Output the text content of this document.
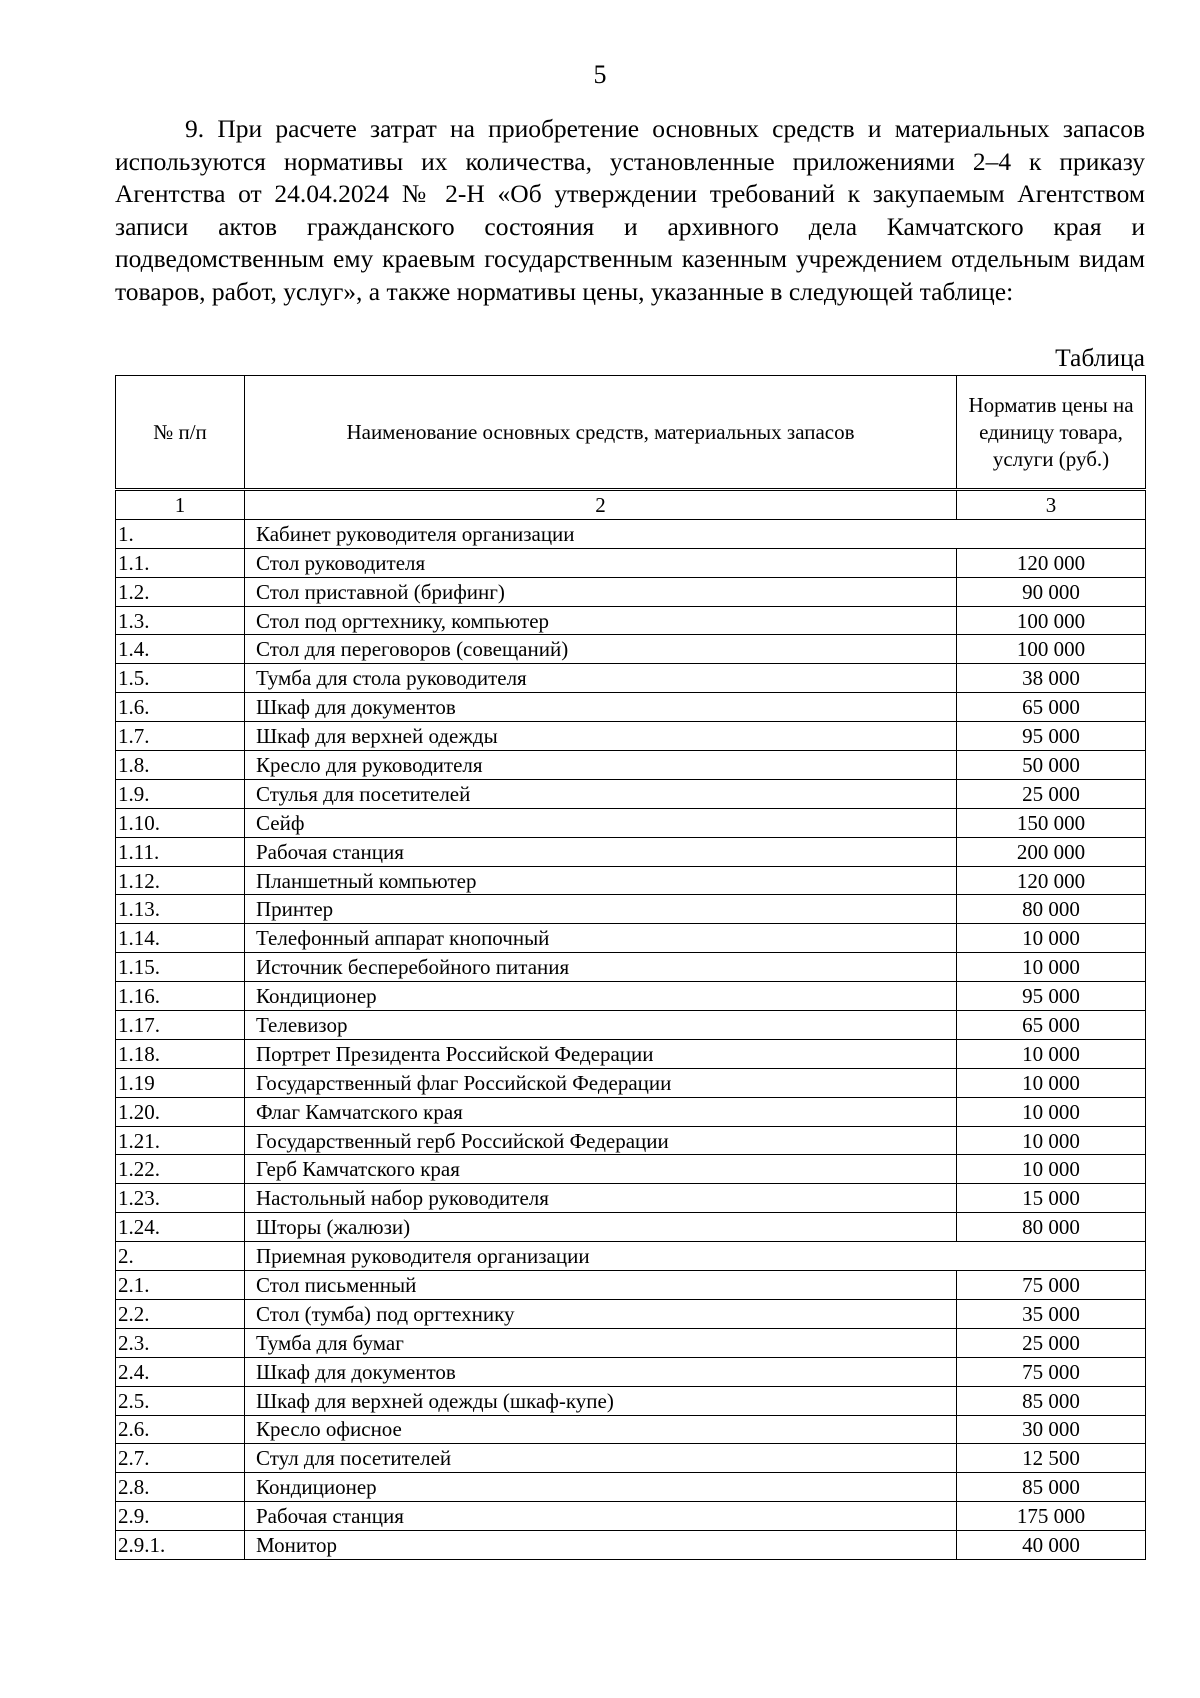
5

9. При расчете затрат на приобретение основных средств и материальных запасов используются нормативы их количества, установленные приложениями 2–4 к приказу Агентства от 24.04.2024 № 2-Н «Об утверждении требований к закупаемым Агентством записи актов гражданского состояния и архивного дела Камчатского края и подведомственным ему краевым государственным казенным учреждением отдельным видам товаров, работ, услуг», а также нормативы цены, указанные в следующей таблице:

Таблица
№ п/п	Наименование основных средств, материальных запасов	Норматив цены на единицу товара, услуги (руб.)
1	2	3
1.	Кабинет руководителя организации	
1.1.	Стол руководителя	120 000
1.2.	Стол приставной (брифинг)	90 000
1.3.	Стол под оргтехнику, компьютер	100 000
1.4.	Стол для переговоров (совещаний)	100 000
1.5.	Тумба для стола руководителя	38 000
1.6.	Шкаф для документов	65 000
1.7.	Шкаф для верхней одежды	95 000
1.8.	Кресло для руководителя	50 000
1.9.	Стулья для посетителей	25 000
1.10.	Сейф	150 000
1.11.	Рабочая станция	200 000
1.12.	Планшетный компьютер	120 000
1.13.	Принтер	80 000
1.14.	Телефонный аппарат кнопочный	10 000
1.15.	Источник бесперебойного питания	10 000
1.16.	Кондиционер	95 000
1.17.	Телевизор	65 000
1.18.	Портрет Президента Российской Федерации	10 000
1.19	Государственный флаг Российской Федерации	10 000
1.20.	Флаг Камчатского края	10 000
1.21.	Государственный герб Российской Федерации	10 000
1.22.	Герб Камчатского края	10 000
1.23.	Настольный набор руководителя	15 000
1.24.	Шторы (жалюзи)	80 000
2.	Приемная руководителя организации	
2.1.	Стол письменный	75 000
2.2.	Стол (тумба) под оргтехнику	35 000
2.3.	Тумба для бумаг	25 000
2.4.	Шкаф для документов	75 000
2.5.	Шкаф для верхней одежды (шкаф-купе)	85 000
2.6.	Кресло офисное	30 000
2.7.	Стул для посетителей	12 500
2.8.	Кондиционер	85 000
2.9.	Рабочая станция	175 000
2.9.1.	Монитор	40 000
